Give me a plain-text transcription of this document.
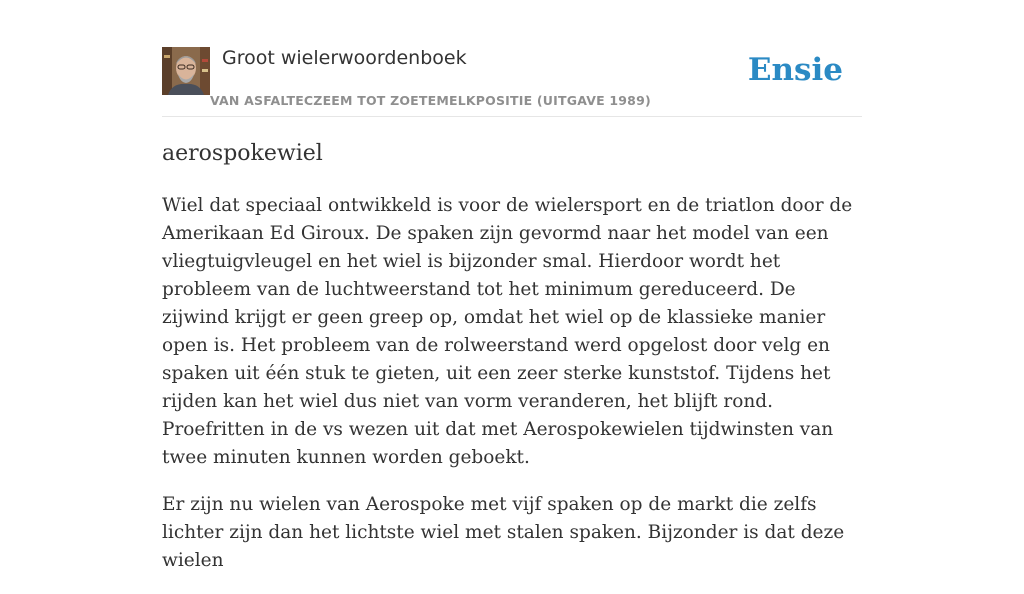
Groot wielerwoordenboek
VAN ASFALTECZEEM TOT ZOETEMELKPOSITIE (UITGAVE 1989)
Ensie
aerospokewiel

Wiel dat speciaal ontwikkeld is voor de wielersport en de triatlon door de Amerikaan Ed Giroux. De spaken zijn gevormd naar het model van een vliegtuigvleugel en het wiel is bijzonder smal. Hierdoor wordt het probleem van de luchtweerstand tot het minimum gereduceerd. De zijwind krijgt er geen greep op, omdat het wiel op de klassieke manier open is. Het probleem van de rolweerstand werd opgelost door velg en spaken uit één stuk te gieten, uit een zeer sterke kunststof. Tijdens het rijden kan het wiel dus niet van vorm veranderen, het blijft rond. Proefritten in de vs wezen uit dat met Aerospokewielen tijdwinsten van twee minuten kunnen worden geboekt.

Er zijn nu wielen van Aerospoke met vijf spaken op de markt die zelfs lichter zijn dan het lichtste wiel met stalen spaken. Bijzonder is dat deze wielen
